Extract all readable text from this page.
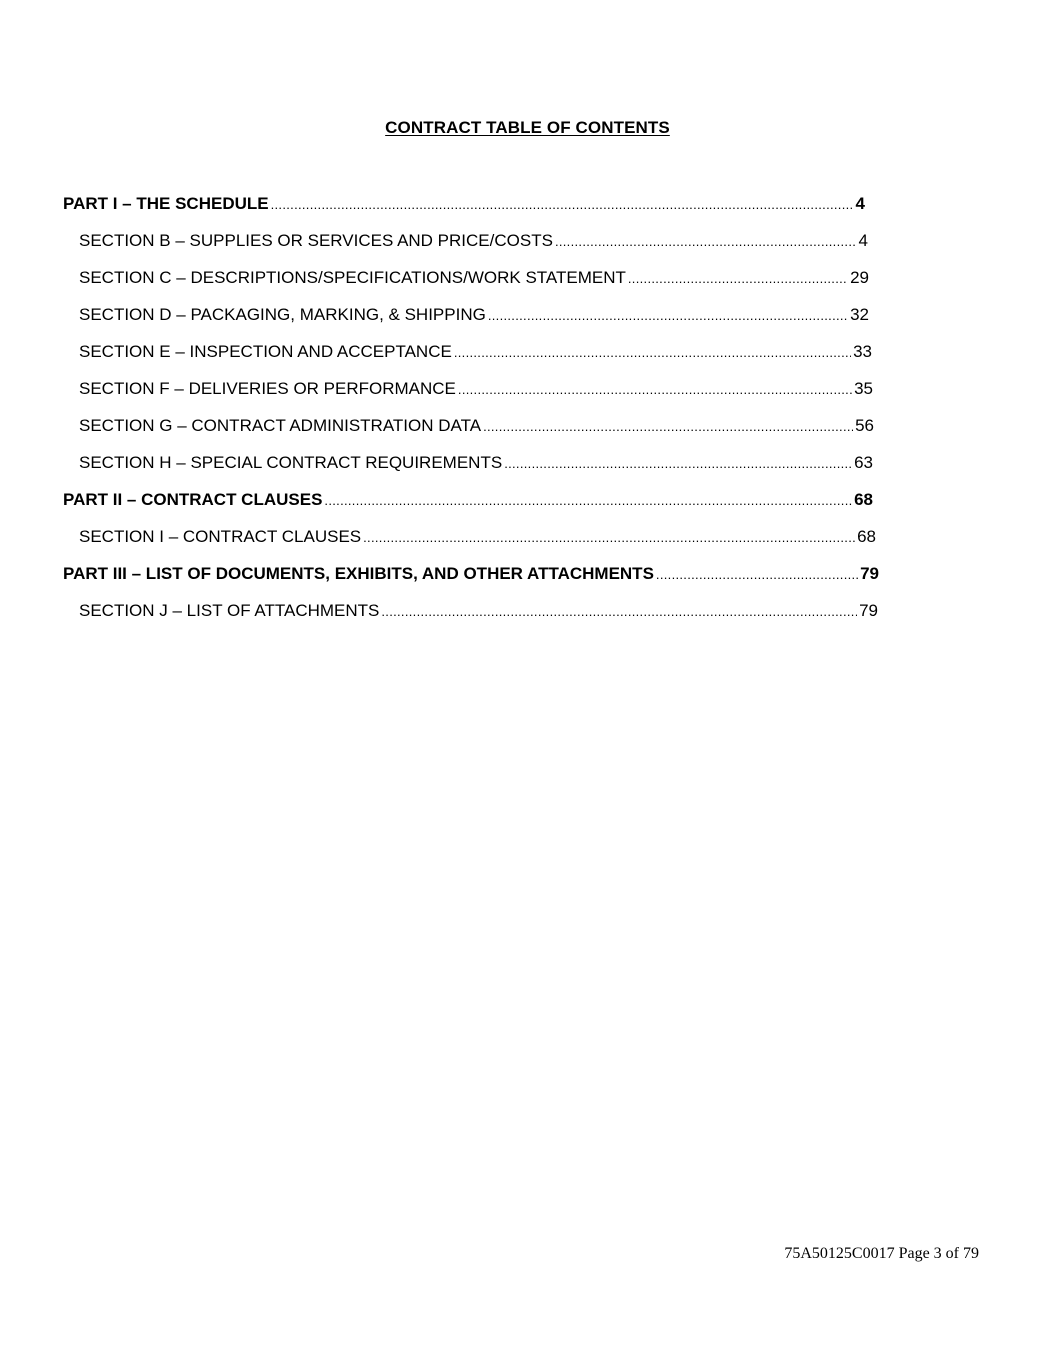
CONTRACT TABLE OF CONTENTS
PART I – THE SCHEDULE .....	4
SECTION B – SUPPLIES OR SERVICES AND PRICE/COSTS .....	4
SECTION C – DESCRIPTIONS/SPECIFICATIONS/WORK STATEMENT .....	29
SECTION D – PACKAGING, MARKING, & SHIPPING .....	32
SECTION E – INSPECTION AND ACCEPTANCE .....	33
SECTION F – DELIVERIES OR PERFORMANCE .....	35
SECTION G – CONTRACT ADMINISTRATION DATA .....	56
SECTION H – SPECIAL CONTRACT REQUIREMENTS .....	63
PART II – CONTRACT CLAUSES .....	68
SECTION I – CONTRACT CLAUSES .....	68
PART III – LIST OF DOCUMENTS, EXHIBITS, AND OTHER ATTACHMENTS .....	79
SECTION J – LIST OF ATTACHMENTS .....	79
75A50125C0017 Page 3 of 79
